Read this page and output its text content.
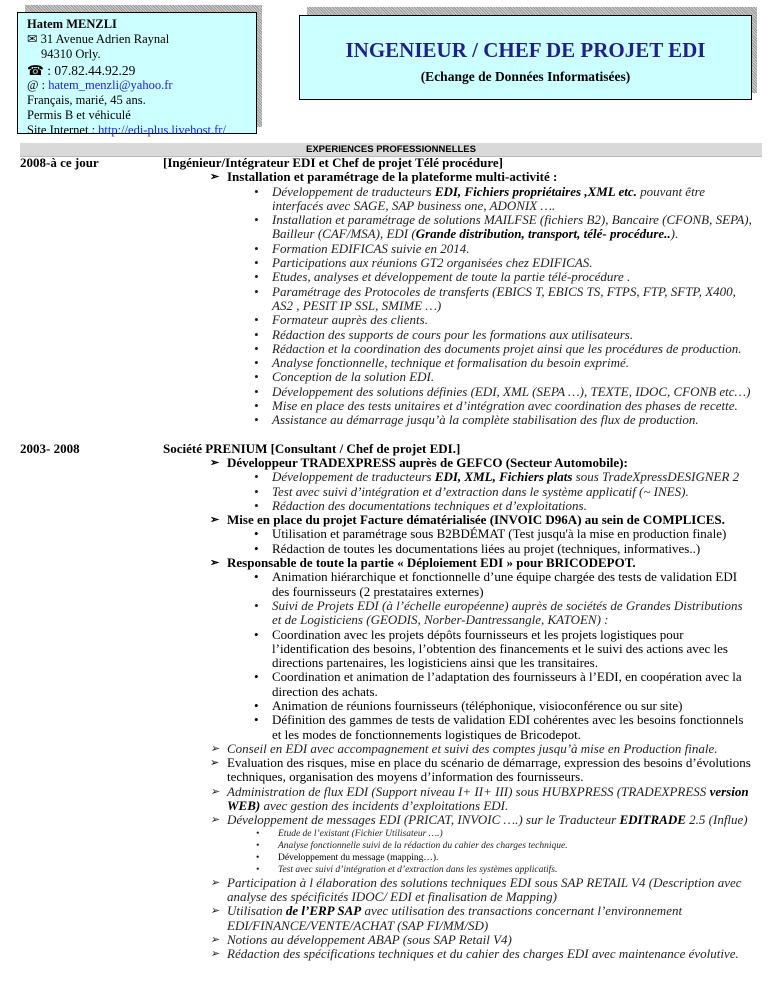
Hatem MENZLI
✉ 31 Avenue Adrien Raynal
94310 Orly.
☎ : 07.82.44.92.29
@ : hatem_menzli@yahoo.fr
Français, marié, 45 ans.
Permis B et véhiculé
Site Internet : http://edi-plus.livehost.fr/
INGENIEUR / CHEF DE PROJET EDI
(Echange de Données Informatisées)
EXPERIENCES PROFESSIONNELLES
2008-à ce jour	[Ingénieur/Intégrateur EDI et Chef de projet Télé procédure]
➢ Installation et paramétrage de la plateforme multi-activité :
• Développement de traducteurs EDI, Fichiers propriétaires ,XML etc. pouvant être interfacés avec SAGE, SAP business one, ADONIX ….
• Installation et paramétrage de solutions MAILFSE (fichiers B2), Bancaire (CFONB, SEPA), Bailleur (CAF/MSA), EDI (Grande distribution, transport, télé- procédure..).
• Formation EDIFICAS suivie en 2014.
• Participations aux réunions GT2 organisées chez EDIFICAS.
• Etudes, analyses et développement de toute la partie télé-procédure .
• Paramétrage des Protocoles de transferts (EBICS T, EBICS TS, FTPS, FTP, SFTP, X400, AS2 , PESIT IP SSL, SMIME …)
• Formateur auprès des clients.
• Rédaction des supports de cours pour les formations aux utilisateurs.
• Rédaction et la coordination des documents projet ainsi que les procédures de production.
• Analyse fonctionnelle, technique et formalisation du besoin exprimé.
• Conception de la solution EDI.
• Développement des solutions définies (EDI, XML (SEPA …), TEXTE, IDOC, CFONB etc…)
• Mise en place des tests unitaires et d’intégration avec coordination des phases de recette.
• Assistance au démarrage jusqu’à la complète stabilisation des flux de production.
2003- 2008	Société PRENIUM [Consultant / Chef de projet EDI.]
➢ Développeur TRADEXPRESS auprès de GEFCO (Secteur Automobile):
• Développement de traducteurs EDI, XML, Fichiers plats sous TradeXpressDESIGNER 2
• Test avec suivi d’intégration et d’extraction dans le système applicatif (~ INES).
• Rédaction des documentations techniques et d’exploitations.
➢ Mise en place du projet Facture dématérialisée (INVOIC D96A) au sein de COMPLICES.
• Utilisation et paramétrage sous B2BDÉMAT (Test jusqu'à la mise en production finale)
• Rédaction de toutes les documentations liées au projet (techniques, informatives..)
➢ Responsable de toute la partie « Déploiement EDI » pour BRICODEPOT.
• Animation hiérarchique et fonctionnelle d’une équipe chargée des tests de validation EDI des fournisseurs (2 prestataires externes)
• Suivi de Projets EDI (à l’échelle européenne) auprès de sociétés de Grandes Distributions et de Logisticiens (GEODIS, Norber-Dantressangle, KATOEN) :
• Coordination avec les projets dépôts fournisseurs et les projets logistiques pour l’identification des besoins, l’obtention des financements et le suivi des actions avec les directions partenaires, les logisticiens ainsi que les transitaires.
• Coordination et animation de l’adaptation des fournisseurs à l’EDI, en coopération avec la direction des achats.
• Animation de réunions fournisseurs (téléphonique, visioconférence ou sur site)
• Définition des gammes de tests de validation EDI cohérentes avec les besoins fonctionnels et les modes de fonctionnements logistiques de Bricodepot.
➢ Conseil en EDI avec accompagnement et suivi des comptes jusqu’à mise en Production finale.
➢ Evaluation des risques, mise en place du scénario de démarrage, expression des besoins d’évolutions techniques, organisation des moyens d’information des fournisseurs.
➢ Administration de flux EDI (Support niveau I+ II+ III) sous HUBXPRESS (TRADEXPRESS version WEB) avec gestion des incidents d’exploitations EDI.
➢ Développement de messages EDI (PRICAT, INVOIC ….) sur le Traducteur EDITRADE 2.5 (Influe)
• Etude de l’existant (Fichier Utilisateur ….)
• Analyse fonctionnelle suivi de la rédaction du cahier des charges technique.
• Développement du message (mapping…).
• Test avec suivi d’intégration et d’extraction dans les systèmes applicatifs.
➢ Participation à l élaboration des solutions techniques EDI sous SAP RETAIL V4 (Description avec analyse des spécificités IDOC/ EDI et finalisation de Mapping)
➢ Utilisation de l’ERP SAP avec utilisation des transactions concernant l’environnement EDI/FINANCE/VENTE/ACHAT (SAP FI/MM/SD)
➢ Notions au développement ABAP (sous SAP Retail V4)
➢ Rédaction des spécifications techniques et du cahier des charges EDI avec maintenance évolutive.
